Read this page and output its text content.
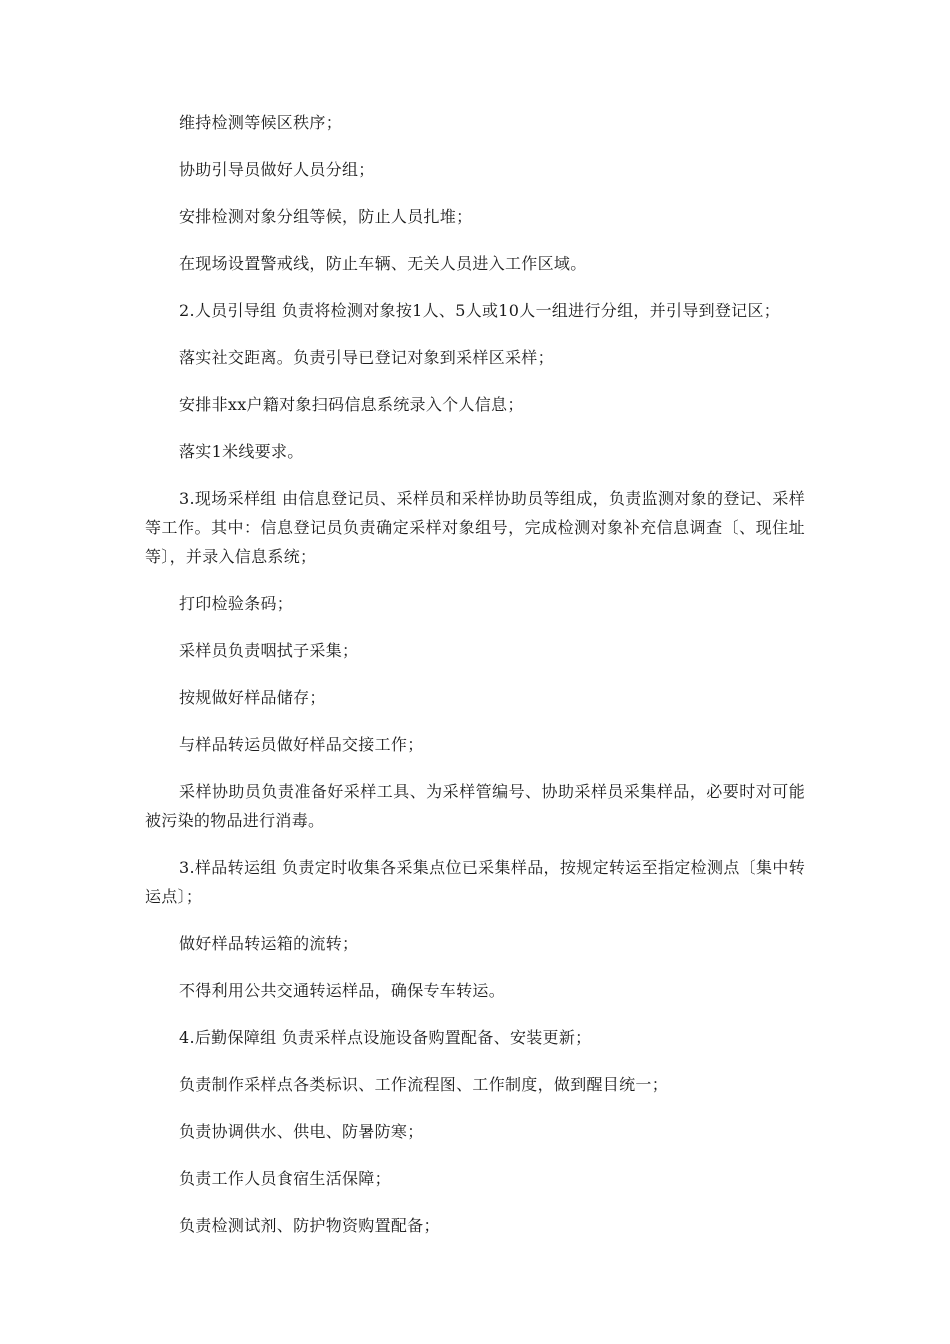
维持检测等候区秩序；

协助引导员做好人员分组；

安排检测对象分组等候，防止人员扎堆；

在现场设置警戒线，防止车辆、无关人员进入工作区域。

2.人员引导组 负责将检测对象按1人、5人或10人一组进行分组，并引导到登记区；

落实社交距离。负责引导已登记对象到采样区采样；

安排非xx户籍对象扫码信息系统录入个人信息；

落实1米线要求。

3.现场采样组 由信息登记员、采样员和采样协助员等组成，负责监测对象的登记、采样等工作。其中：信息登记员负责确定采样对象组号，完成检测对象补充信息调查〔、现住址等〕，并录入信息系统；

打印检验条码；

采样员负责咽拭子采集；

按规做好样品储存；

与样品转运员做好样品交接工作；

采样协助员负责准备好采样工具、为采样管编号、协助采样员采集样品，必要时对可能被污染的物品进行消毒。

3.样品转运组 负责定时收集各采集点位已采集样品，按规定转运至指定检测点〔集中转运点〕；

做好样品转运箱的流转；

不得利用公共交通转运样品，确保专车转运。

4.后勤保障组 负责采样点设施设备购置配备、安装更新；

负责制作采样点各类标识、工作流程图、工作制度，做到醒目统一；

负责协调供水、供电、防暑防寒；

负责工作人员食宿生活保障；

负责检测试剂、防护物资购置配备；
